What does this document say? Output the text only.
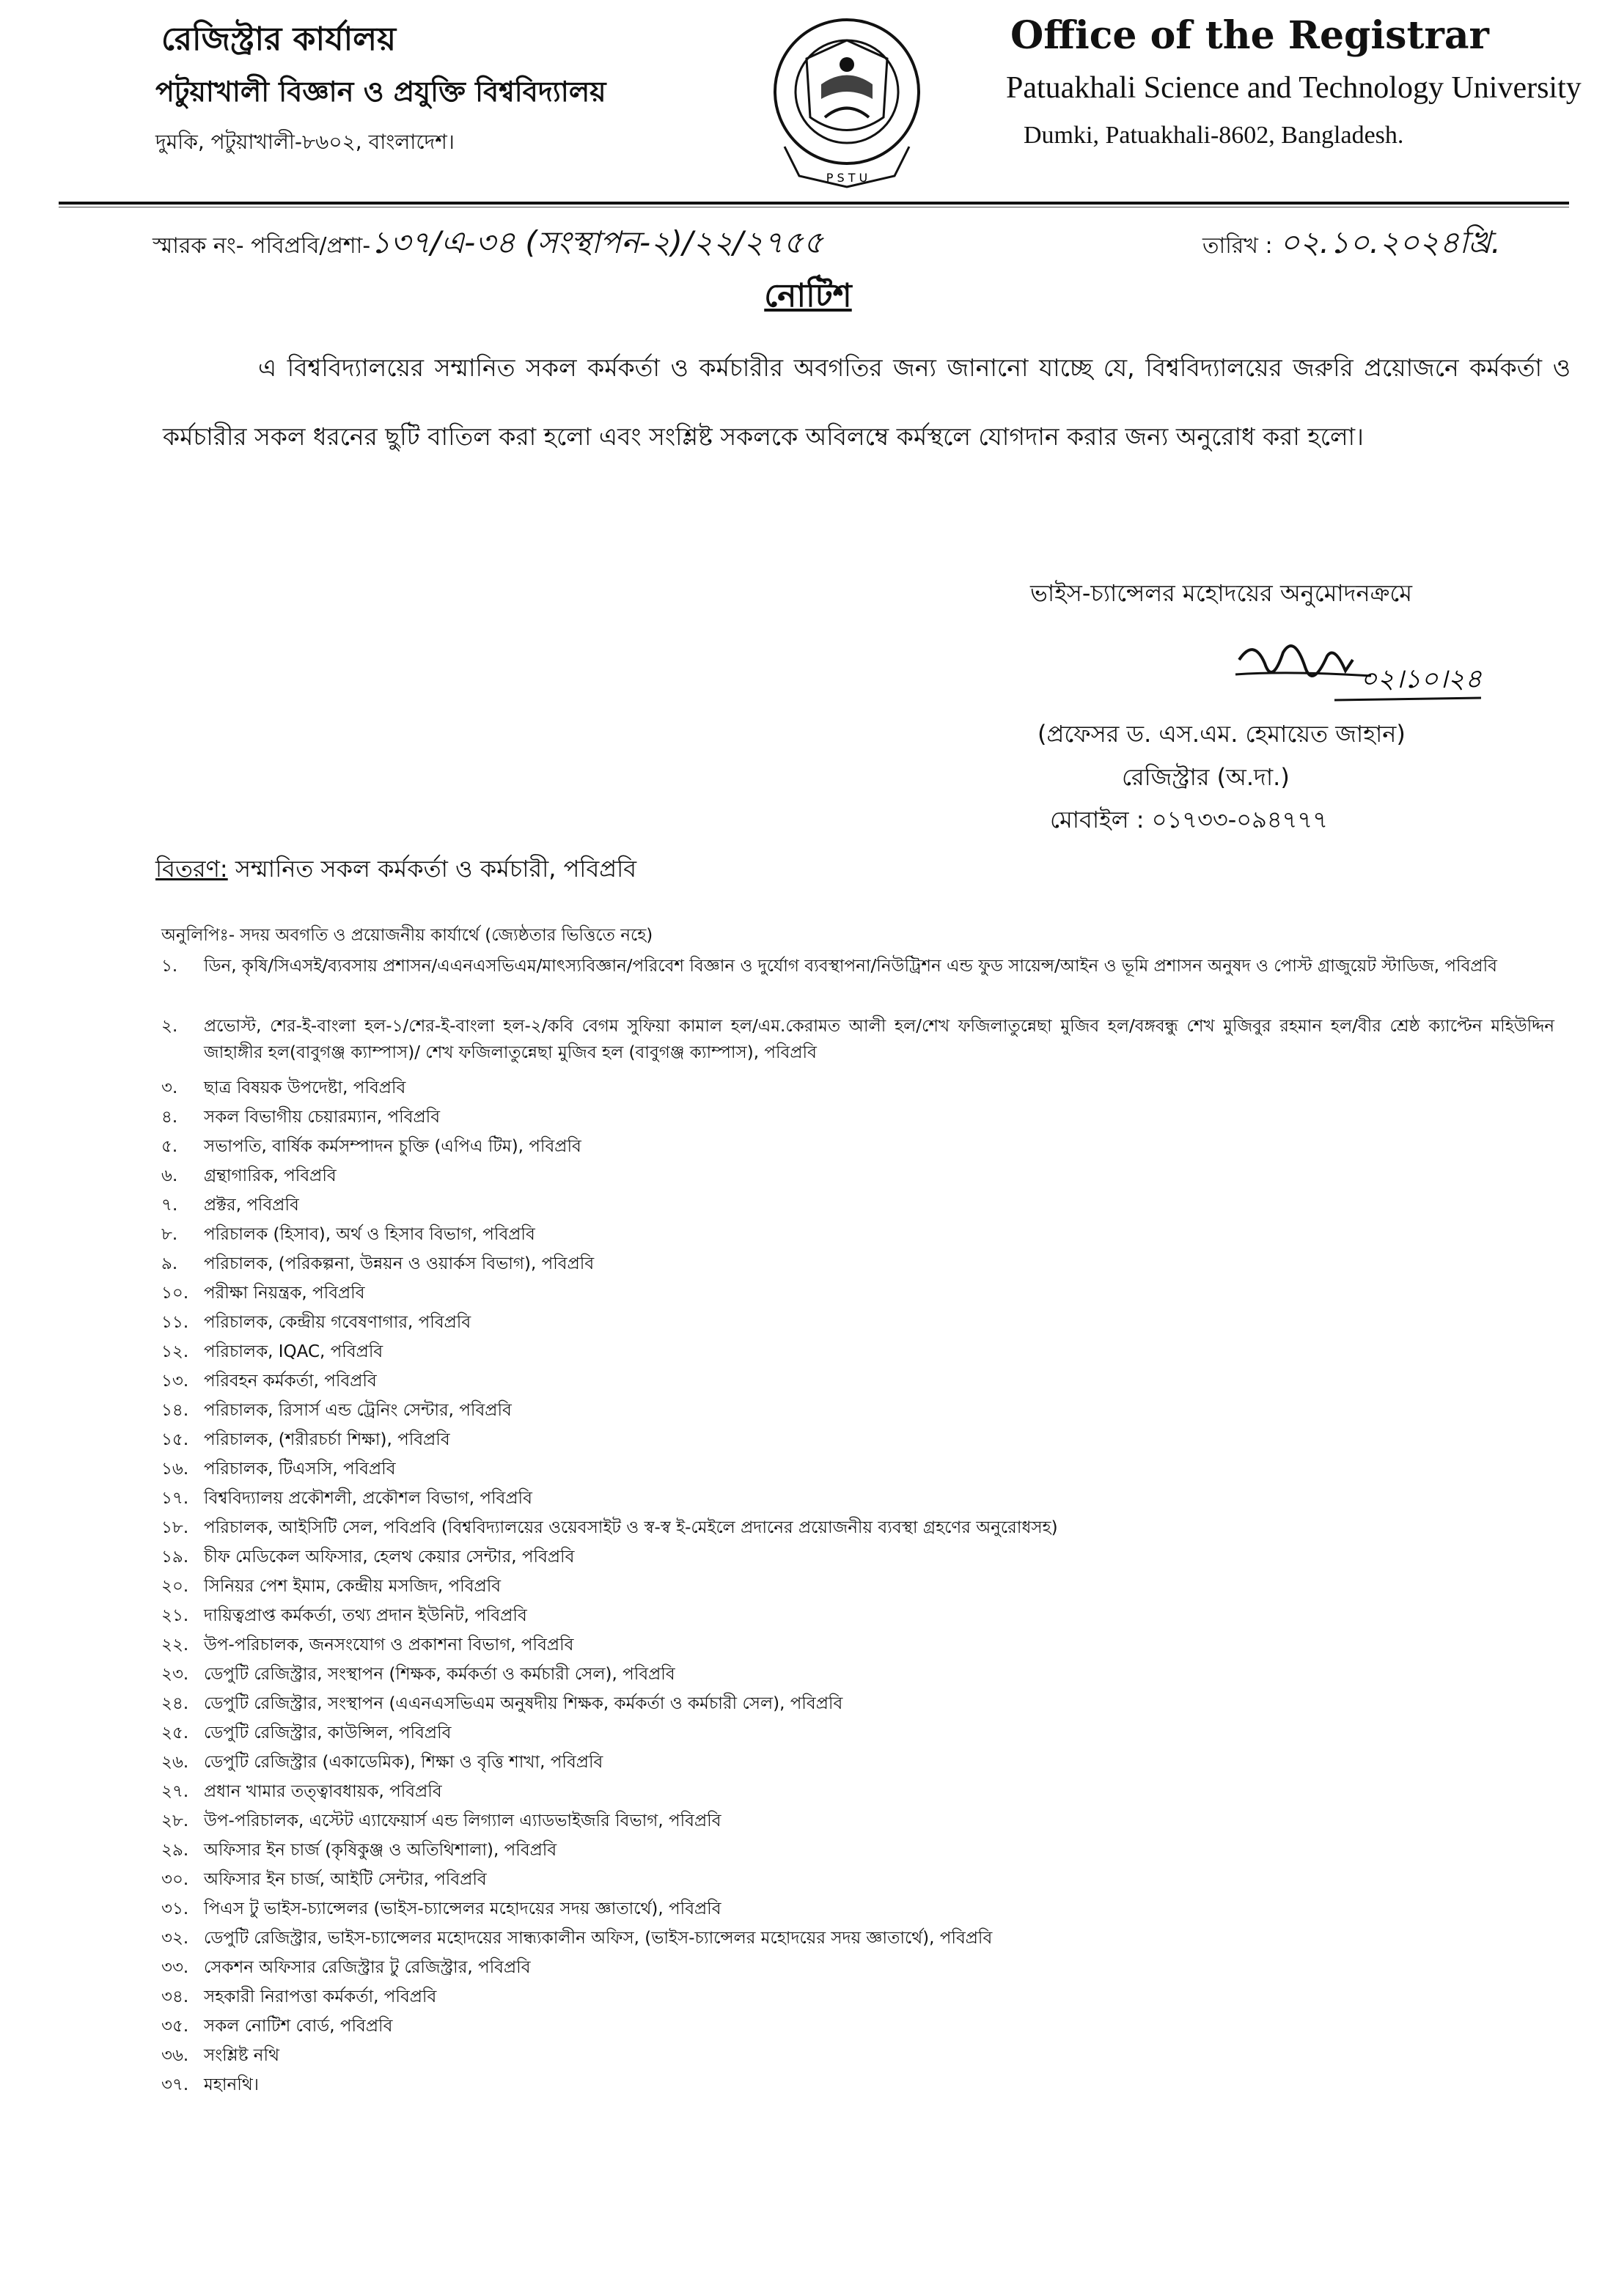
রেজিস্ট্রার কার্যালয়
পটুয়াখালী বিজ্ঞান ও প্রযুক্তি বিশ্ববিদ্যালয়
দুমকি, পটুয়াখালী-৮৬০২, বাংলাদেশ।
P S T U
Office of the Registrar
Patuakhali Science and Technology University
Dumki, Patuakhali-8602, Bangladesh.
স্মারক নং- পবিপ্রবি/প্রশা-১৩৭/এ-৩৪ (সংস্থাপন-২)/২২/২৭৫৫	তারিখ : ০২.১০.২০২৪খ্রি.
নোটিশ
এ বিশ্ববিদ্যালয়ের সম্মানিত সকল কর্মকর্তা ও কর্মচারীর অবগতির জন্য জানানো যাচ্ছে যে, বিশ্ববিদ্যালয়ের জরুরি প্রয়োজনে কর্মকর্তা ও কর্মচারীর সকল ধরনের ছুটি বাতিল করা হলো এবং সংশ্লিষ্ট সকলকে অবিলম্বে কর্মস্থলে যোগদান করার জন্য অনুরোধ করা হলো।
ভাইস-চ্যান্সেলর মহোদয়ের অনুমোদনক্রমে
০২।১০।২৪
(প্রফেসর ড. এস.এম. হেমায়েত জাহান)
রেজিস্ট্রার (অ.দা.)
মোবাইল : ০১৭৩৩-০৯৪৭৭৭
বিতরণ: সম্মানিত সকল কর্মকর্তা ও কর্মচারী, পবিপ্রবি
অনুলিপিঃ- সদয় অবগতি ও প্রয়োজনীয় কার্যার্থে (জ্যেষ্ঠতার ভিত্তিতে নহে)
১.	ডিন, কৃষি/সিএসই/ব্যবসায় প্রশাসন/এএনএসভিএম/মাৎস্যবিজ্ঞান/পরিবেশ বিজ্ঞান ও দুর্যোগ ব্যবস্থাপনা/নিউট্রিশন এন্ড ফুড সায়েন্স/আইন ও ভূমি প্রশাসন অনুষদ ও পোস্ট গ্রাজুয়েট স্টাডিজ, পবিপ্রবি
২.	প্রভোস্ট, শের-ই-বাংলা হল-১/শের-ই-বাংলা হল-২/কবি বেগম সুফিয়া কামাল হল/এম.কেরামত আলী হল/শেখ ফজিলাতুন্নেছা মুজিব হল/বঙ্গবন্ধু শেখ মুজিবুর রহমান হল/বীর শ্রেষ্ঠ ক্যাপ্টেন মহিউদ্দিন জাহাঙ্গীর হল(বাবুগঞ্জ ক্যাম্পাস)/ শেখ ফজিলাতুন্নেছা মুজিব হল (বাবুগঞ্জ ক্যাম্পাস), পবিপ্রবি
৩.	ছাত্র বিষয়ক উপদেষ্টা, পবিপ্রবি
৪.	সকল বিভাগীয় চেয়ারম্যান, পবিপ্রবি
৫.	সভাপতি, বার্ষিক কর্মসম্পাদন চুক্তি (এপিএ টিম), পবিপ্রবি
৬.	গ্রন্থাগারিক, পবিপ্রবি
৭.	প্রক্টর, পবিপ্রবি
৮.	পরিচালক (হিসাব), অর্থ ও হিসাব বিভাগ, পবিপ্রবি
৯.	পরিচালক, (পরিকল্পনা, উন্নয়ন ও ওয়ার্কস বিভাগ), পবিপ্রবি
১০. পরীক্ষা নিয়ন্ত্রক, পবিপ্রবি
১১. পরিচালক, কেন্দ্রীয় গবেষণাগার, পবিপ্রবি
১২. পরিচালক, IQAC, পবিপ্রবি
১৩. পরিবহন কর্মকর্তা, পবিপ্রবি
১৪. পরিচালক, রিসার্স এন্ড ট্রেনিং সেন্টার, পবিপ্রবি
১৫. পরিচালক, (শরীরচর্চা শিক্ষা), পবিপ্রবি
১৬. পরিচালক, টিএসসি, পবিপ্রবি
১৭. বিশ্ববিদ্যালয় প্রকৌশলী, প্রকৌশল বিভাগ, পবিপ্রবি
১৮. পরিচালক, আইসিটি সেল, পবিপ্রবি (বিশ্ববিদ্যালয়ের ওয়েবসাইট ও স্ব-স্ব ই-মেইলে প্রদানের প্রয়োজনীয় ব্যবস্থা গ্রহণের অনুরোধসহ)
১৯. চীফ মেডিকেল অফিসার, হেলথ কেয়ার সেন্টার, পবিপ্রবি
২০. সিনিয়র পেশ ইমাম, কেন্দ্রীয় মসজিদ, পবিপ্রবি
২১. দায়িত্বপ্রাপ্ত কর্মকর্তা, তথ্য প্রদান ইউনিট, পবিপ্রবি
২২. উপ-পরিচালক, জনসংযোগ ও প্রকাশনা বিভাগ, পবিপ্রবি
২৩. ডেপুটি রেজিস্ট্রার, সংস্থাপন (শিক্ষক, কর্মকর্তা ও কর্মচারী সেল), পবিপ্রবি
২৪. ডেপুটি রেজিস্ট্রার, সংস্থাপন (এএনএসভিএম অনুষদীয় শিক্ষক, কর্মকর্তা ও কর্মচারী সেল), পবিপ্রবি
২৫. ডেপুটি রেজিস্ট্রার, কাউন্সিল, পবিপ্রবি
২৬. ডেপুটি রেজিস্ট্রার (একাডেমিক), শিক্ষা ও বৃত্তি শাখা, পবিপ্রবি
২৭. প্রধান খামার তত্ত্বাবধায়ক, পবিপ্রবি
২৮. উপ-পরিচালক, এস্টেট এ্যাফেয়ার্স এন্ড লিগ্যাল এ্যাডভাইজরি বিভাগ, পবিপ্রবি
২৯. অফিসার ইন চার্জ (কৃষিকুঞ্জ ও অতিথিশালা), পবিপ্রবি
৩০. অফিসার ইন চার্জ, আইটি সেন্টার, পবিপ্রবি
৩১. পিএস টু ভাইস-চ্যান্সেলর (ভাইস-চ্যান্সেলর মহোদয়ের সদয় জ্ঞাতার্থে), পবিপ্রবি
৩২. ডেপুটি রেজিস্ট্রার, ভাইস-চ্যান্সেলর মহোদয়ের সান্ধ্যকালীন অফিস, (ভাইস-চ্যান্সেলর মহোদয়ের সদয় জ্ঞাতার্থে), পবিপ্রবি
৩৩. সেকশন অফিসার রেজিস্ট্রার টু রেজিস্ট্রার, পবিপ্রবি
৩৪. সহকারী নিরাপত্তা কর্মকর্তা, পবিপ্রবি
৩৫. সকল নোটিশ বোর্ড, পবিপ্রবি
৩৬. সংশ্লিষ্ট নথি
৩৭. মহানথি।
